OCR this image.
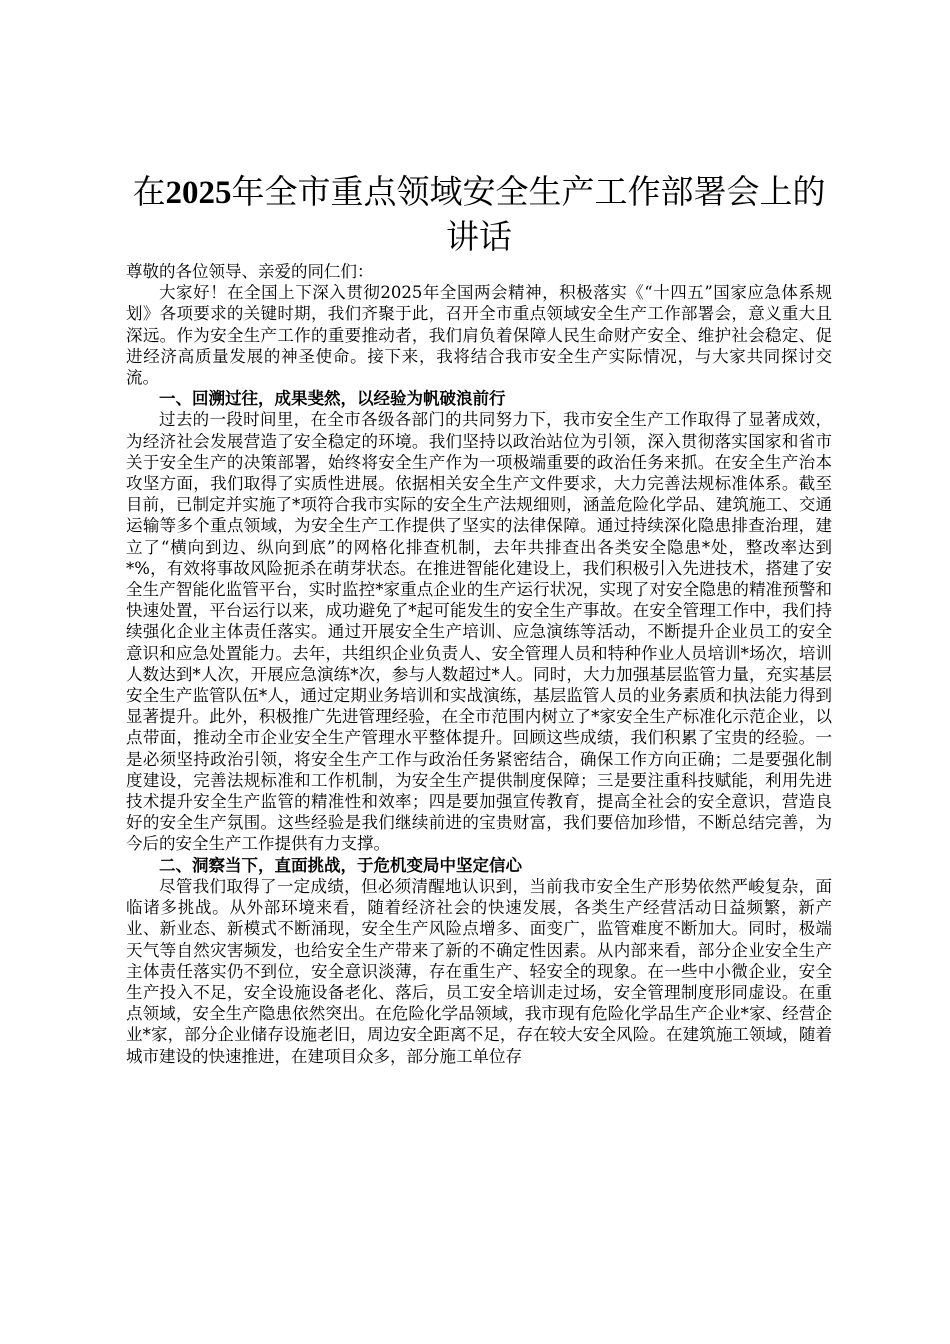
在2025年全市重点领域安全生产工作部署会上的讲话
尊敬的各位领导、亲爱的同仁们：

大家好！在全国上下深入贯彻2025年全国两会精神，积极落实《“十四五”国家应急体系规划》各项要求的关键时期，我们齐聚于此，召开全市重点领域安全生产工作部署会，意义重大且深远。作为安全生产工作的重要推动者，我们肩负着保障人民生命财产安全、维护社会稳定、促进经济高质量发展的神圣使命。接下来，我将结合我市安全生产实际情况，与大家共同探讨交流。

一、回溯过往，成果斐然，以经验为帆破浪前行

过去的一段时间里，在全市各级各部门的共同努力下，我市安全生产工作取得了显著成效，为经济社会发展营造了安全稳定的环境。我们坚持以政治站位为引领，深入贯彻落实国家和省市关于安全生产的决策部署，始终将安全生产作为一项极端重要的政治任务来抓。在安全生产治本攻坚方面，我们取得了实质性进展。依据相关安全生产文件要求，大力完善法规标准体系。截至目前，已制定并实施了*项符合我市实际的安全生产法规细则，涵盖危险化学品、建筑施工、交通运输等多个重点领域，为安全生产工作提供了坚实的法律保障。通过持续深化隐患排查治理，建立了“横向到边、纵向到底”的网格化排查机制，去年共排查出各类安全隐患*处，整改率达到*%，有效将事故风险扼杀在萌芽状态。在推进智能化建设上，我们积极引入先进技术，搭建了安全生产智能化监管平台，实时监控*家重点企业的生产运行状况，实现了对安全隐患的精准预警和快速处置，平台运行以来，成功避免了*起可能发生的安全生产事故。在安全管理工作中，我们持续强化企业主体责任落实。通过开展安全生产培训、应急演练等活动，不断提升企业员工的安全意识和应急处置能力。去年，共组织企业负责人、安全管理人员和特种作业人员培训*场次，培训人数达到*人次，开展应急演练*次，参与人数超过*人。同时，大力加强基层监管力量，充实基层安全生产监管队伍*人，通过定期业务培训和实战演练，基层监管人员的业务素质和执法能力得到显著提升。此外，积极推广先进管理经验，在全市范围内树立了*家安全生产标准化示范企业，以点带面，推动全市企业安全生产管理水平整体提升。回顾这些成绩，我们积累了宝贵的经验。一是必须坚持政治引领，将安全生产工作与政治任务紧密结合，确保工作方向正确；二是要强化制度建设，完善法规标准和工作机制，为安全生产提供制度保障；三是要注重科技赋能，利用先进技术提升安全生产监管的精准性和效率；四是要加强宣传教育，提高全社会的安全意识，营造良好的安全生产氛围。这些经验是我们继续前进的宝贵财富，我们要倍加珍惜，不断总结完善，为今后的安全生产工作提供有力支撑。

二、洞察当下，直面挑战，于危机变局中坚定信心

尽管我们取得了一定成绩，但必须清醒地认识到，当前我市安全生产形势依然严峻复杂，面临诸多挑战。从外部环境来看，随着经济社会的快速发展，各类生产经营活动日益频繁，新产业、新业态、新模式不断涌现，安全生产风险点增多、面变广，监管难度不断加大。同时，极端天气等自然灾害频发，也给安全生产带来了新的不确定性因素。从内部来看，部分企业安全生产主体责任落实仍不到位，安全意识淡薄，存在重生产、轻安全的现象。在一些中小微企业，安全生产投入不足，安全设施设备老化、落后，员工安全培训走过场，安全管理制度形同虚设。在重点领域，安全生产隐患依然突出。在危险化学品领域，我市现有危险化学品生产企业*家、经营企业*家，部分企业储存设施老旧，周边安全距离不足，存在较大安全风险。在建筑施工领域，随着城市建设的快速推进，在建项目众多，部分施工单位存
